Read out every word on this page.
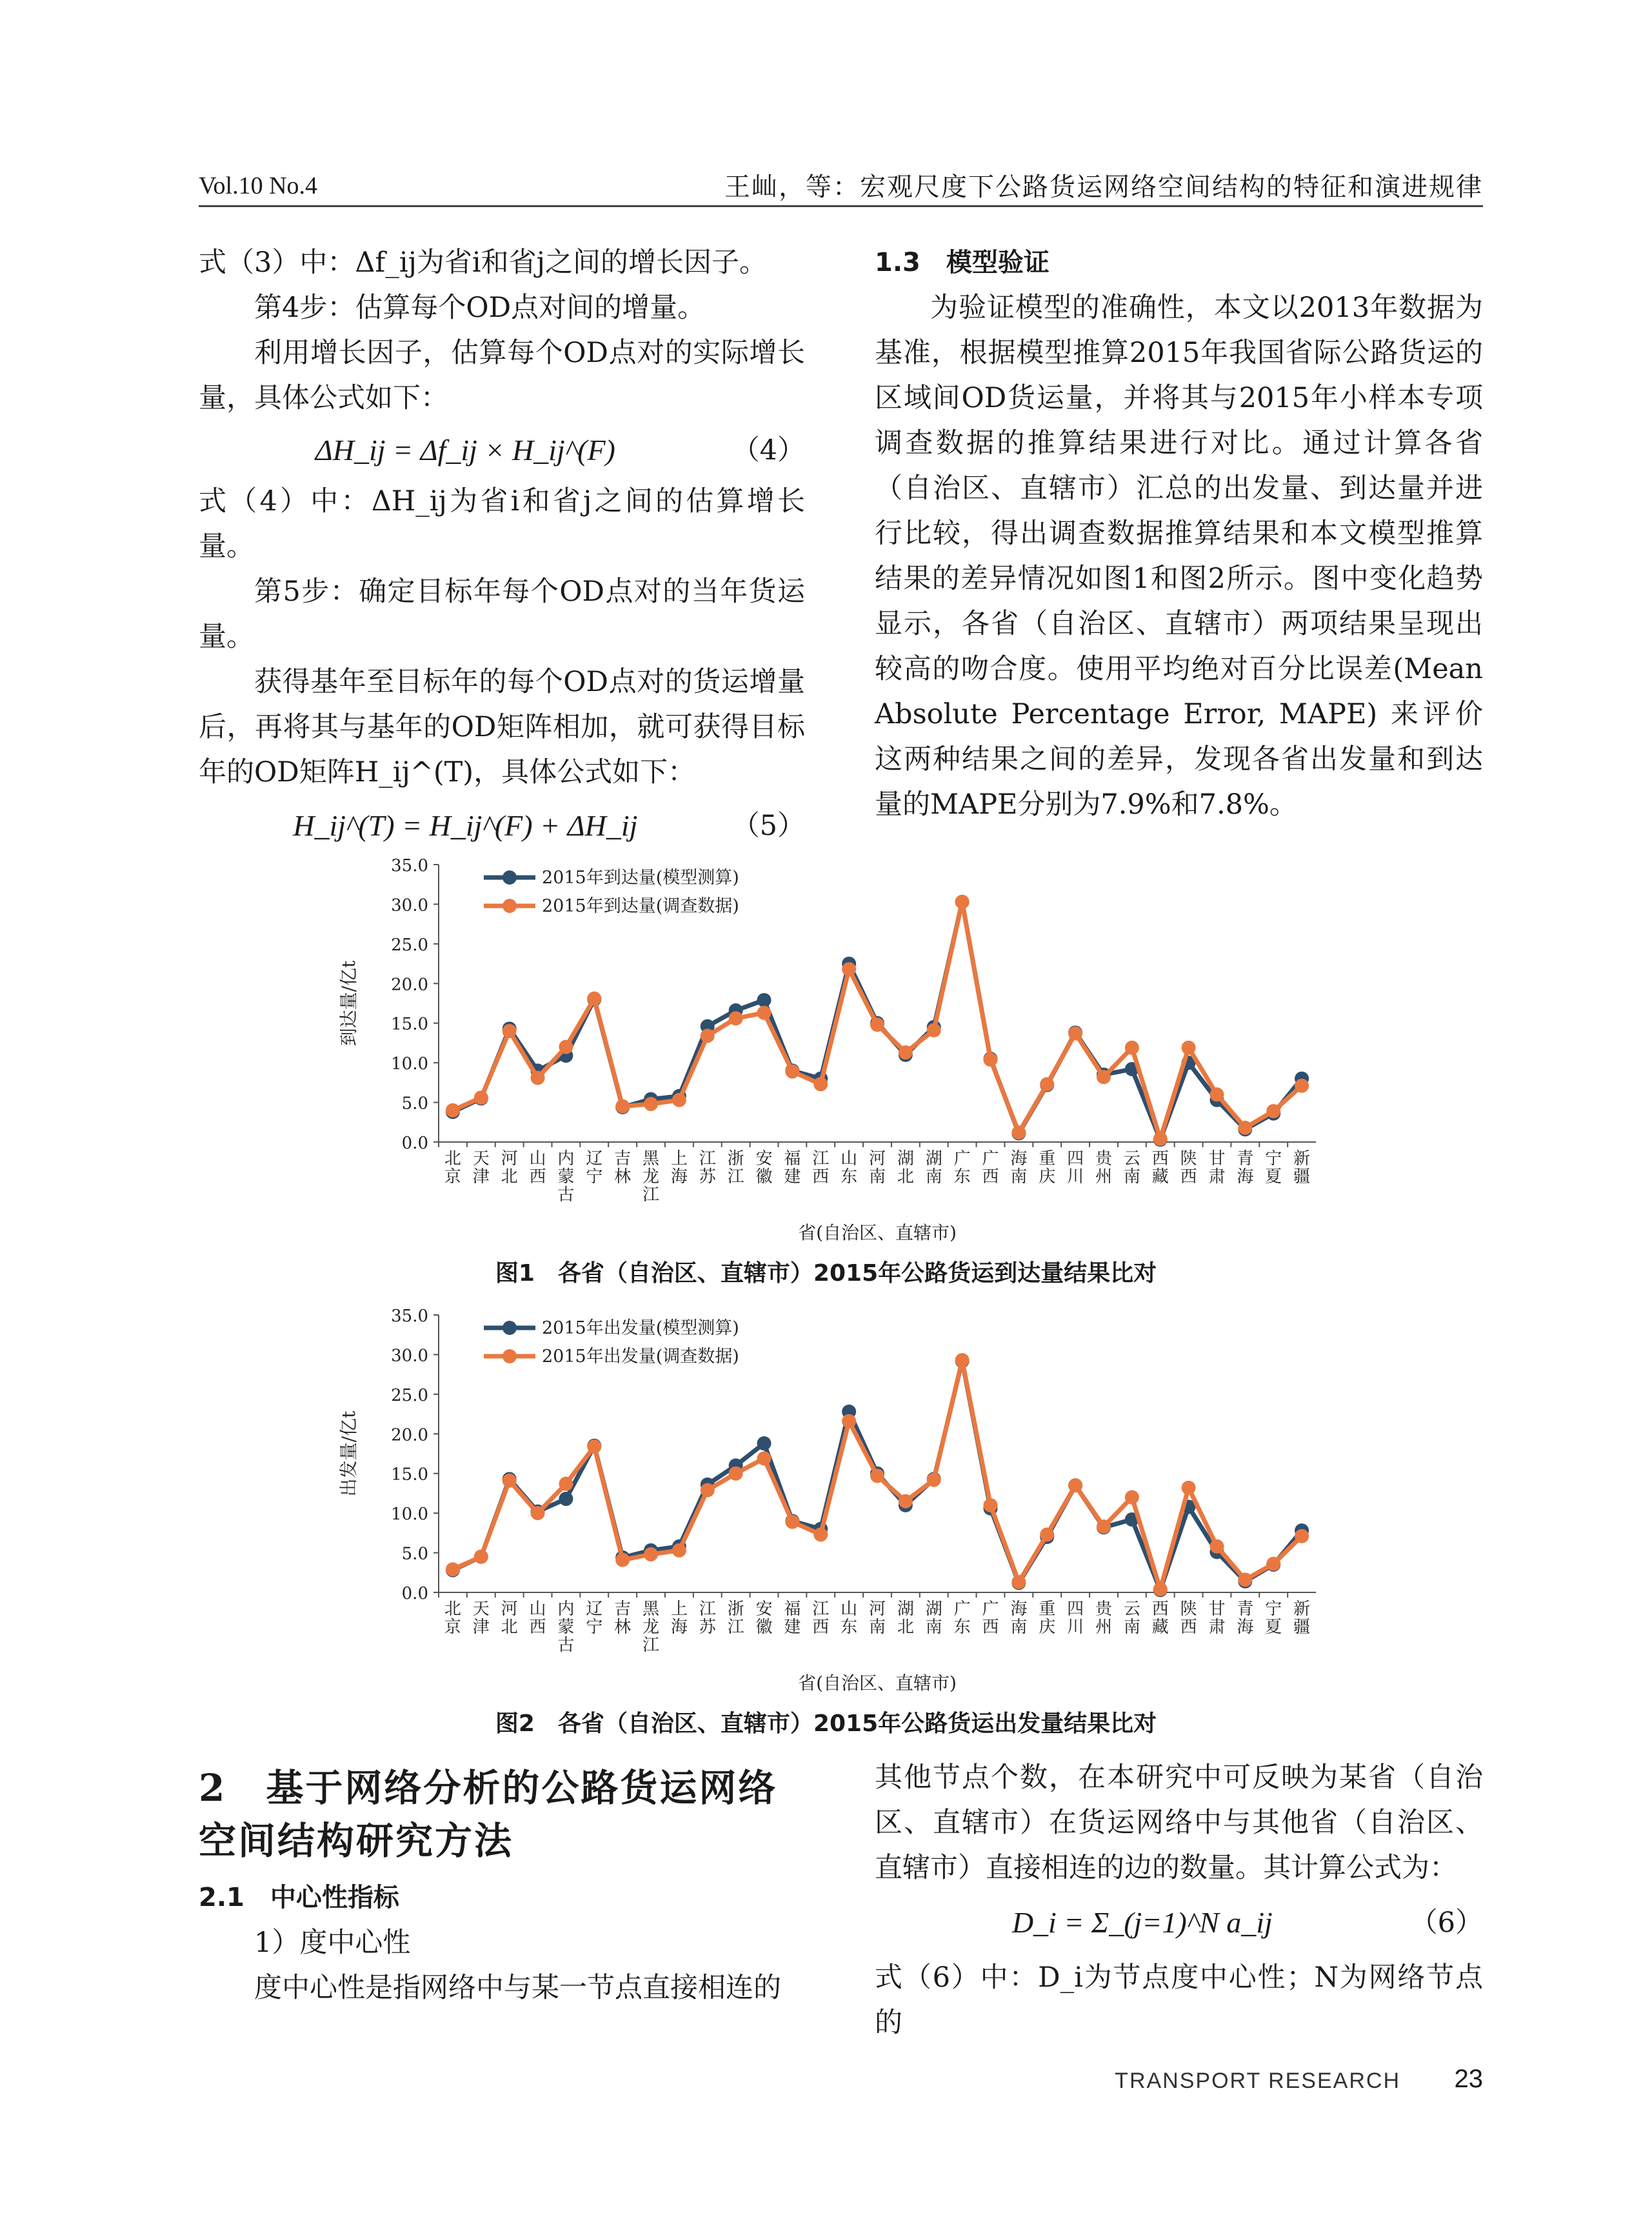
Vol.10 No.4	王屾，等：宏观尺度下公路货运网络空间结构的特征和演进规律

式（3）中：Δf_ij为省i和省j之间的增长因子。

第4步：估算每个OD点对间的增量。

利用增长因子，估算每个OD点对的实际增长量，具体公式如下：

ΔH_ij = Δf_ij × H_ij^(F)	（4）

式（4）中：ΔH_ij为省i和省j之间的估算增长量。

第5步：确定目标年每个OD点对的当年货运量。

获得基年至目标年的每个OD点对的货运增量后，再将其与基年的OD矩阵相加，就可获得目标年的OD矩阵H_ij^(T)，具体公式如下：

H_ij^(T) = H_ij^(F) + ΔH_ij	（5）
1.3　模型验证

为验证模型的准确性，本文以2013年数据为基准，根据模型推算2015年我国省际公路货运的区域间OD货运量，并将其与2015年小样本专项调查数据的推算结果进行对比。通过计算各省（自治区、直辖市）汇总的出发量、到达量并进行比较，得出调查数据推算结果和本文模型推算结果的差异情况如图1和图2所示。图中变化趋势显示，各省（自治区、直辖市）两项结果呈现出较高的吻合度。使用平均绝对百分比误差(Mean Absolute Percentage Error, MAPE) 来评价这两种结果之间的差异，发现各省出发量和到达量的MAPE分别为7.9%和7.8%。

0.0
5.0
10.0
15.0
20.0
25.0
30.0
35.0
北京
天津
河北
山西
内蒙古
辽宁
吉林
黑龙江
上海
江苏
浙江
安徽
福建
江西
山东
河南
湖北
湖南
广东
广西
海南
重庆
四川
贵州
云南
西藏
陕西
甘肃
青海
宁夏
新疆
到达量/亿t
省(自治区、直辖市)
2015年到达量(模型测算)
2015年到达量(调查数据)
图1　各省（自治区、直辖市）2015年公路货运到达量结果比对
0.0
5.0
10.0
15.0
20.0
25.0
30.0
35.0
北京
天津
河北
山西
内蒙古
辽宁
吉林
黑龙江
上海
江苏
浙江
安徽
福建
江西
山东
河南
湖北
湖南
广东
广西
海南
重庆
四川
贵州
云南
西藏
陕西
甘肃
青海
宁夏
新疆
出发量/亿t
省(自治区、直辖市)
2015年出发量(模型测算)
2015年出发量(调查数据)
图2　各省（自治区、直辖市）2015年公路货运出发量结果比对
2　基于网络分析的公路货运网络空间结构研究方法
2.1　中心性指标

1）度中心性

度中心性是指网络中与某一节点直接相连的

其他节点个数，在本研究中可反映为某省（自治区、直辖市）在货运网络中与其他省（自治区、直辖市）直接相连的边的数量。其计算公式为：

D_i = Σ_(j=1)^N a_ij	（6）

式（6）中：D_i为节点度中心性；N为网络节点的

TRANSPORT RESEARCH 23
